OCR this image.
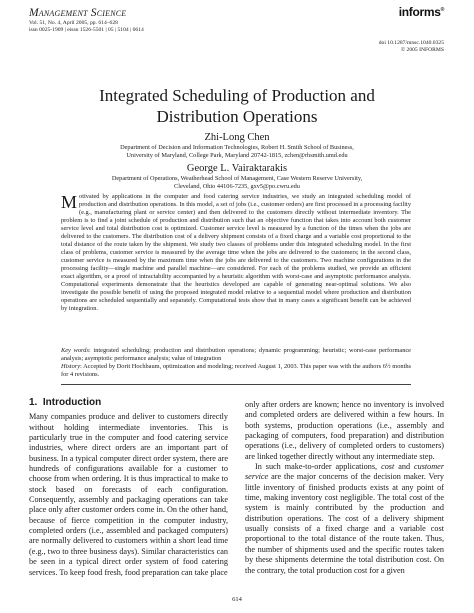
Management Science
Vol. 51, No. 4, April 2005, pp. 614–628
issn 0025-1909 | eissn 1526-5501 | 05 | 5104 | 0614
informs®
doi 10.1287/mnsc.1040.0325
© 2005 INFORMS
Integrated Scheduling of Production and
Distribution Operations
Zhi-Long Chen
Department of Decision and Information Technologies, Robert H. Smith School of Business,
University of Maryland, College Park, Maryland 20742-1815, zchen@rhsmith.umd.edu
George L. Vairaktarakis
Department of Operations, Weatherhead School of Management, Case Western Reserve University,
Cleveland, Ohio 44106-7235, gxv5@po.cwru.edu
Motivated by applications in the computer and food catering service industries, we study an integrated scheduling model of production and distribution operations. In this model, a set of jobs (i.e., customer orders) are first processed in a processing facility (e.g., manufacturing plant or service center) and then delivered to the customers directly without intermediate inventory. The problem is to find a joint schedule of production and distribution such that an objective function that takes into account both customer service level and total distribution cost is optimized. Customer service level is measured by a function of the times when the jobs are delivered to the customers. The distribution cost of a delivery shipment consists of a fixed charge and a variable cost proportional to the total distance of the route taken by the shipment. We study two classes of problems under this integrated scheduling model. In the first class of problems, customer service is measured by the average time when the jobs are delivered to the customers; in the second class, customer service is measured by the maximum time when the jobs are delivered to the customers. Two machine configurations in the processing facility—single machine and parallel machine—are considered. For each of the problems studied, we provide an efficient exact algorithm, or a proof of intractability accompanied by a heuristic algorithm with worst-case and asymptotic performance analysis. Computational experiments demonstrate that the heuristics developed are capable of generating near-optimal solutions. We also investigate the possible benefit of using the proposed integrated model relative to a sequential model where production and distribution operations are scheduled sequentially and separately. Computational tests show that in many cases a significant benefit can be achieved by integration.
Key words: integrated scheduling; production and distribution operations; dynamic programming; heuristic; worst-case performance analysis; asymptotic performance analysis; value of integration
History: Accepted by Dorit Hochbaum, optimization and modeling; received August 1, 2003. This paper was with the authors 6½ months for 4 revisions.
1. Introduction
Many companies produce and deliver to customers directly without holding intermediate inventories. This is particularly true in the computer and food catering service industries, where direct orders are an important part of business. In a typical computer direct order system, there are hundreds of configurations available for a customer to choose from when ordering. It is thus impractical to make to stock based on forecasts of each configuration. Consequently, assembly and packaging operations can take place only after customer orders come in. On the other hand, because of fierce competition in the computer industry, completed orders (i.e., assembled and packaged computers) are normally delivered to customers within a short lead time (e.g., two to three business days). Similar characteristics can be seen in a typical direct order system of food catering services. To keep food fresh, food preparation can take place
only after orders are known; hence no inventory is involved and completed orders are delivered within a few hours. In both systems, production operations (i.e., assembly and packaging of computers, food preparation) and distribution operations (i.e., delivery of completed orders to customers) are linked together directly without any intermediate step.
In such make-to-order applications, cost and customer service are the major concerns of the decision maker. Very little inventory of finished products exists at any point of time, making inventory cost negligible. The total cost of the system is mainly contributed by the production and distribution operations. The cost of a delivery shipment usually consists of a fixed charge and a variable cost proportional to the total distance of the route taken. Thus, the number of shipments used and the specific routes taken by these shipments determine the total distribution cost. On the contrary, the total production cost for a given
614
